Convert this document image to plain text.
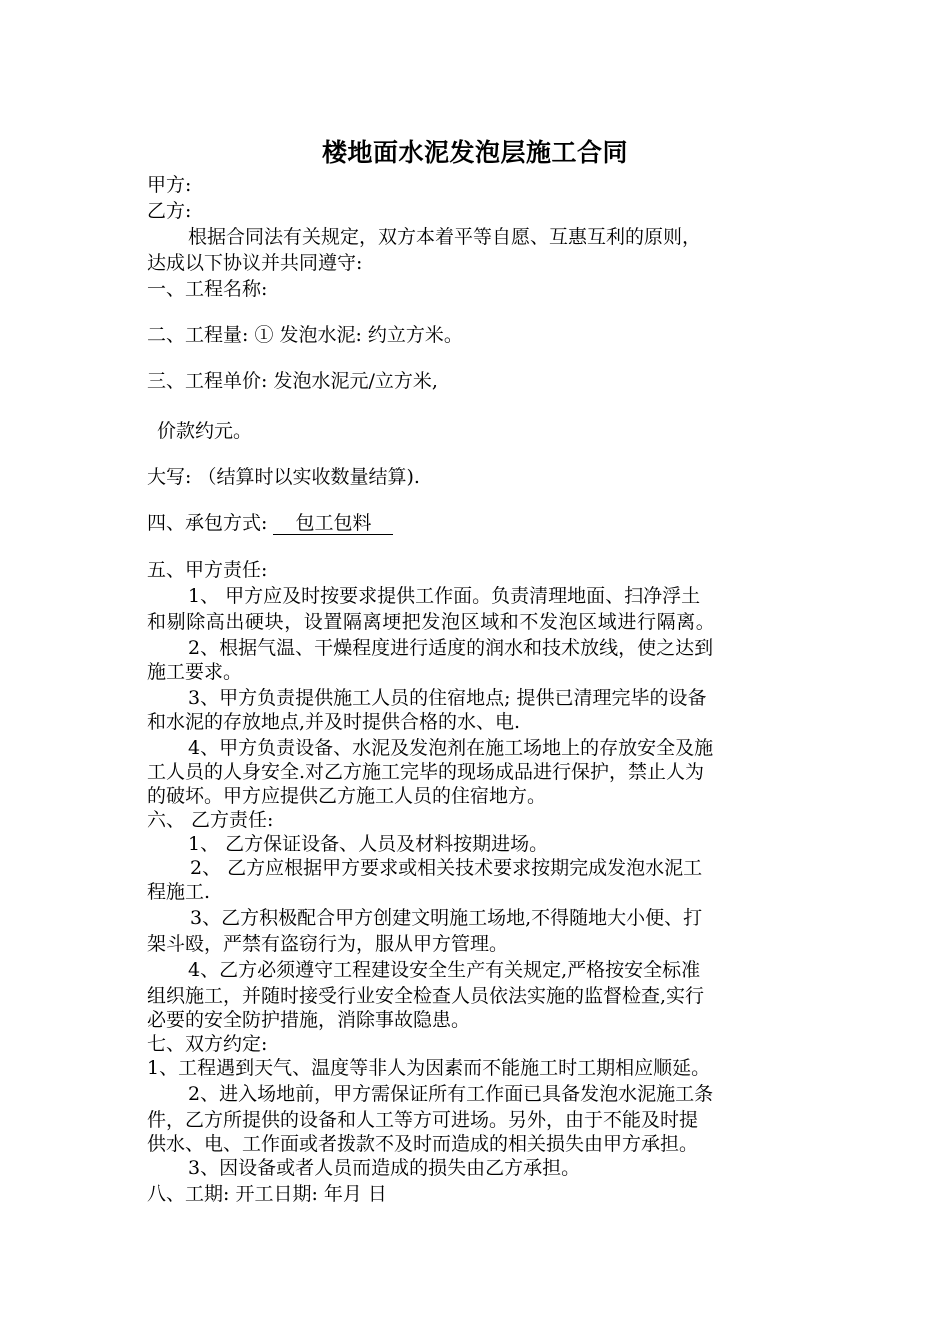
楼地面水泥发泡层施工合同
甲方:
乙方:
根据合同法有关规定，双方本着平等自愿、互惠互利的原则，
达成以下协议并共同遵守:
一、工程名称:
二、工程量: ① 发泡水泥: 约立方米。
三、工程单价: 发泡水泥元/立方米,
价款约元。
大写: （结算时以实收数量结算).
四、承包方式: 包工包料
五、甲方责任:
1、 甲方应及时按要求提供工作面。负责清理地面、扫净浮土
和剔除高出硬块，设置隔离埂把发泡区域和不发泡区域进行隔离。
2、根据气温、干燥程度进行适度的润水和技术放线，使之达到
施工要求。
3、甲方负责提供施工人员的住宿地点; 提供已清理完毕的设备
和水泥的存放地点,并及时提供合格的水、电.
4、甲方负责设备、水泥及发泡剂在施工场地上的存放安全及施
工人员的人身安全.对乙方施工完毕的现场成品进行保护，禁止人为
的破坏。甲方应提供乙方施工人员的住宿地方。
六、 乙方责任:
1、 乙方保证设备、人员及材料按期进场。
2、 乙方应根据甲方要求或相关技术要求按期完成发泡水泥工
程施工.
3、乙方积极配合甲方创建文明施工场地,不得随地大小便、打
架斗殴，严禁有盗窃行为，服从甲方管理。
4、乙方必须遵守工程建设安全生产有关规定,严格按安全标准
组织施工，并随时接受行业安全检查人员依法实施的监督检查,实行
必要的安全防护措施，消除事故隐患。
七、双方约定:
1、工程遇到天气、温度等非人为因素而不能施工时工期相应顺延。
2、进入场地前，甲方需保证所有工作面已具备发泡水泥施工条
件，乙方所提供的设备和人工等方可进场。另外，由于不能及时提
供水、电、工作面或者拨款不及时而造成的相关损失由甲方承担。
3、因设备或者人员而造成的损失由乙方承担。
八、工期: 开工日期: 年月 日
